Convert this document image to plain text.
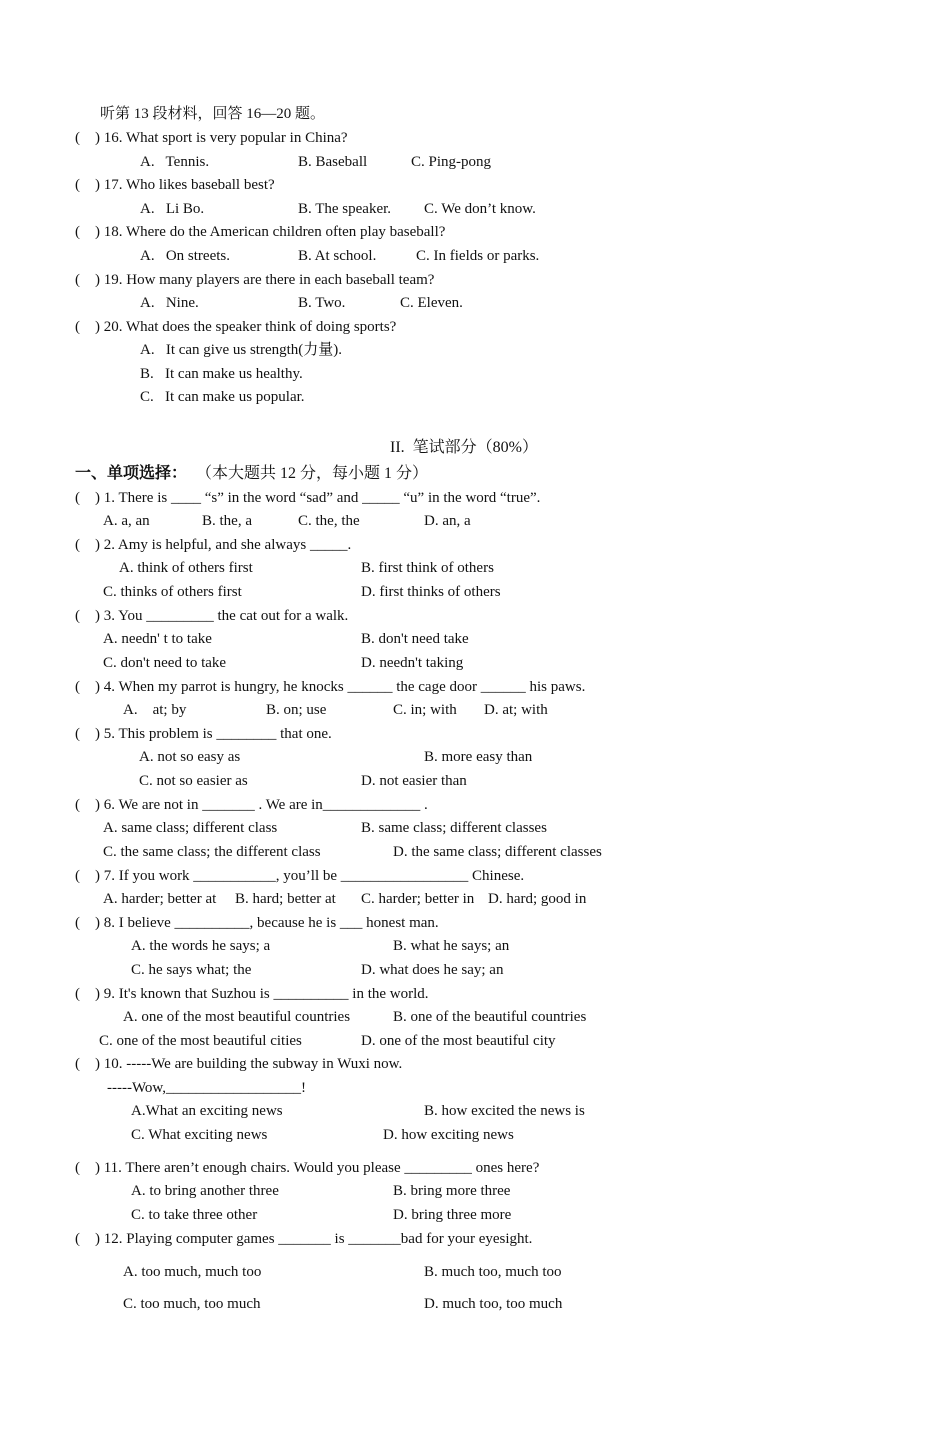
听第 13 段材料，回答 16—20 题。
(    ) 16. What sport is very popular in China?
A.   Tennis.	B. Baseball	C. Ping-pong
(    ) 17. Who likes baseball best?
A.   Li Bo.	B. The speaker. C. We don’t know.
(    ) 18. Where do the American children often play baseball?
A.   On streets.	B. At school.	C. In fields or parks.
(    ) 19. How many players are there in each baseball team?
A.   Nine.	B. Two.	C. Eleven.
(    ) 20. What does the speaker think of doing sports?
A.   It can give us strength(力量).
B.   It can make us healthy.
C.   It can make us popular.
II.  笔试部分（80%）
一、单项选择： （本大题共 12 分，每小题 1 分）
(    ) 1. There is ____ “s” in the word “sad” and _____ “u” in the word “true”.
A. a, an	B. the, a	C. the, the	D. an, a
(    ) 2. Amy is helpful, and she always _____.
A. think of others first	B. first think of others
C. thinks of others first	D. first thinks of others
(    ) 3. You _________ the cat out for a walk.
A. needn' t to take	B. don't need take
C. don't need to take	D. needn't taking
(    ) 4. When my parrot is hungry, he knocks ______ the cage door ______ his paws.
A.    at; by	B. on; use	C. in; with D. at; with
(    ) 5. This problem is ________ that one.
A. not so easy as	B. more easy than
C. not so easier as	D. not easier than
(    ) 6. We are not in _______ . We are in_____________ .
A. same class; different class	B. same class; different classes
C. the same class; the different class	D. the same class; different classes
(    ) 7. If you work ___________, you’ll be _________________ Chinese.
A. harder; better at B. hard; better at C. harder; better in D. hard; good in
(    ) 8. I believe __________, because he is ___ honest man.
A. the words he says; a	B. what he says; an
C. he says what; the	D. what does he say; an
(    ) 9. It's known that Suzhou is __________ in the world.
A. one of the most beautiful countries	B. one of the beautiful countries
C. one of the most beautiful cities	D. one of the most beautiful city
(    ) 10. -----We are building the subway in Wuxi now.
-----Wow,__________________!
A.What an exciting news	B. how excited the news is
C. What exciting news	D. how exciting news
(    ) 11. There aren’t enough chairs. Would you please _________ ones here?
A. to bring another three	B. bring more three
C. to take three other	D. bring three more
(    ) 12. Playing computer games _______ is _______bad for your eyesight.
A. too much, much too	B. much too, much too
C. too much, too much	D. much too, too much
